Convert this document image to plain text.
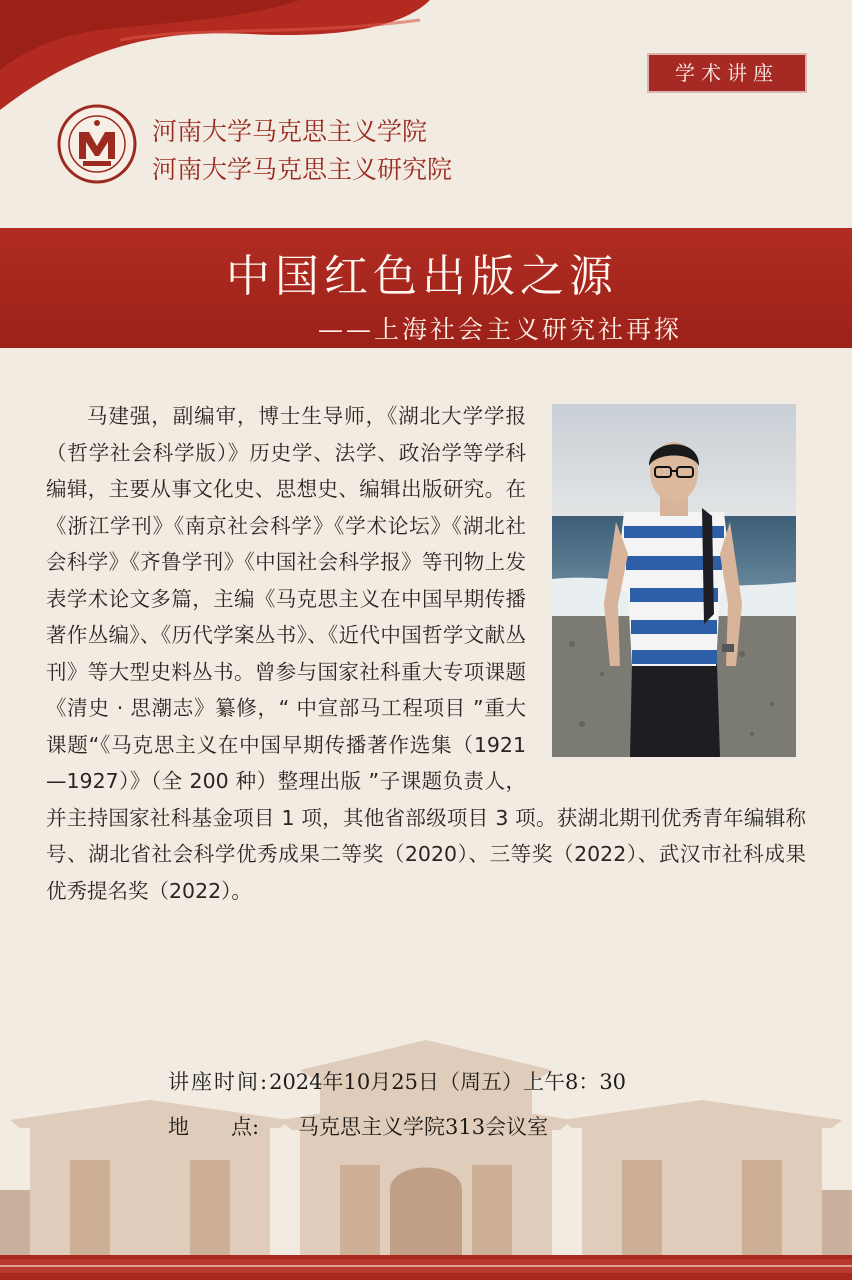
学术讲座
河南大学马克思主义学院
河南大学马克思主义研究院
中国红色出版之源
——上海社会主义研究社再探

马建强，副编审，博士生导师，《湖北大学学报（哲学社会科学版）》历史学、法学、政治学等学科编辑，主要从事文化史、思想史、编辑出版研究。在《浙江学刊》《南京社会科学》《学术论坛》《湖北社会科学》《齐鲁学刊》《中国社会科学报》等刊物上发表学术论文多篇，主编《马克思主义在中国早期传播著作丛编》、《历代学案丛书》、《近代中国哲学文献丛刊》等大型史料丛书。曾参与国家社科重大专项课题《清史 · 思潮志》纂修，“ 中宣部马工程项目 ”重大课题“《马克思主义在中国早期传播著作选集（1921—1927）》（全 200 种）整理出版 ”子课题负责人，并主持国家社科基金项目 1 项，其他省部级项目 3 项。获湖北期刊优秀青年编辑称号、湖北省社会科学优秀成果二等奖（2020）、三等奖（2022）、武汉市社科成果优秀提名奖（2022）。

讲座时间:2024年10月25日（周五）上午8：30
地　　点: 马克思主义学院313会议室
